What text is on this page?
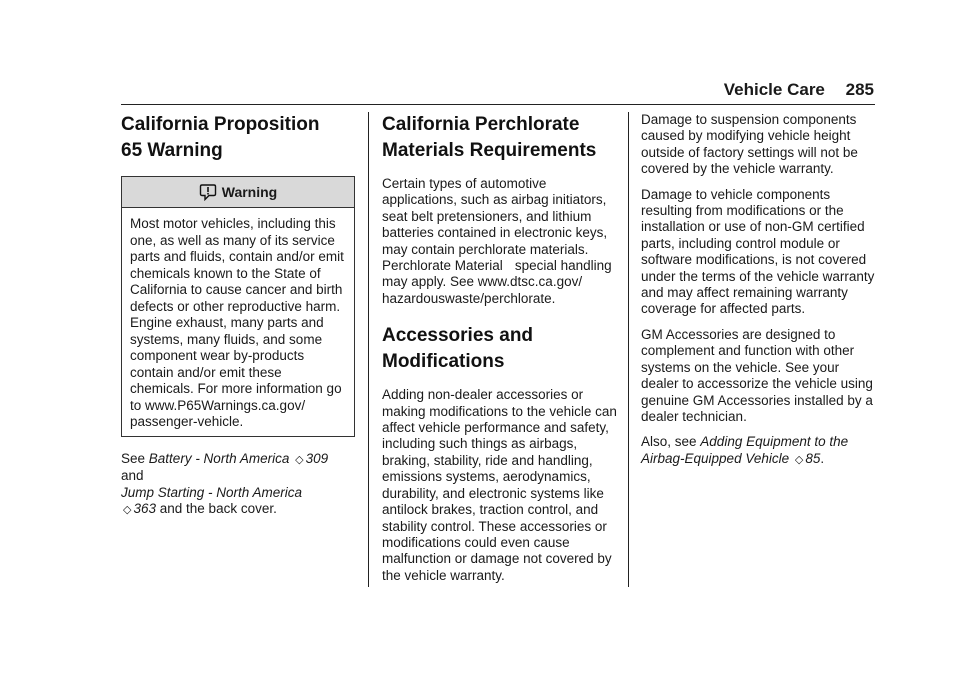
Vehicle Care 285
California Proposition
65 Warning
Warning

Most motor vehicles, including this one, as well as many of its service parts and fluids, contain and/or emit chemicals known to the State of California to cause cancer and birth defects or other reproductive harm. Engine exhaust, many parts and systems, many fluids, and some component wear by-products contain and/or emit these chemicals. For more information go to www.P65Warnings.ca.gov/ passenger-vehicle.

See Battery - North America ◇ 309
and
Jump Starting - North America
◇ 363 and the back cover.
California Perchlorate
Materials Requirements

Certain types of automotive applications, such as airbag initiators, seat belt pretensioners, and lithium batteries contained in electronic keys, may contain perchlorate materials. Perchlorate Material special handling may apply. See www.dtsc.ca.gov/ hazardouswaste/perchlorate.

Accessories and
Modifications

Adding non-dealer accessories or making modifications to the vehicle can affect vehicle performance and safety, including such things as airbags, braking, stability, ride and handling, emissions systems, aerodynamics, durability, and electronic systems like antilock brakes, traction control, and stability control. These accessories or modifications could even cause malfunction or damage not covered by the vehicle warranty.

Damage to suspension components caused by modifying vehicle height outside of factory settings will not be covered by the vehicle warranty.

Damage to vehicle components resulting from modifications or the installation or use of non-GM certified parts, including control module or software modifications, is not covered under the terms of the vehicle warranty and may affect remaining warranty coverage for affected parts.

GM Accessories are designed to complement and function with other systems on the vehicle. See your dealer to accessorize the vehicle using genuine GM Accessories installed by a dealer technician.

Also, see Adding Equipment to the Airbag-Equipped Vehicle ◇ 85.
